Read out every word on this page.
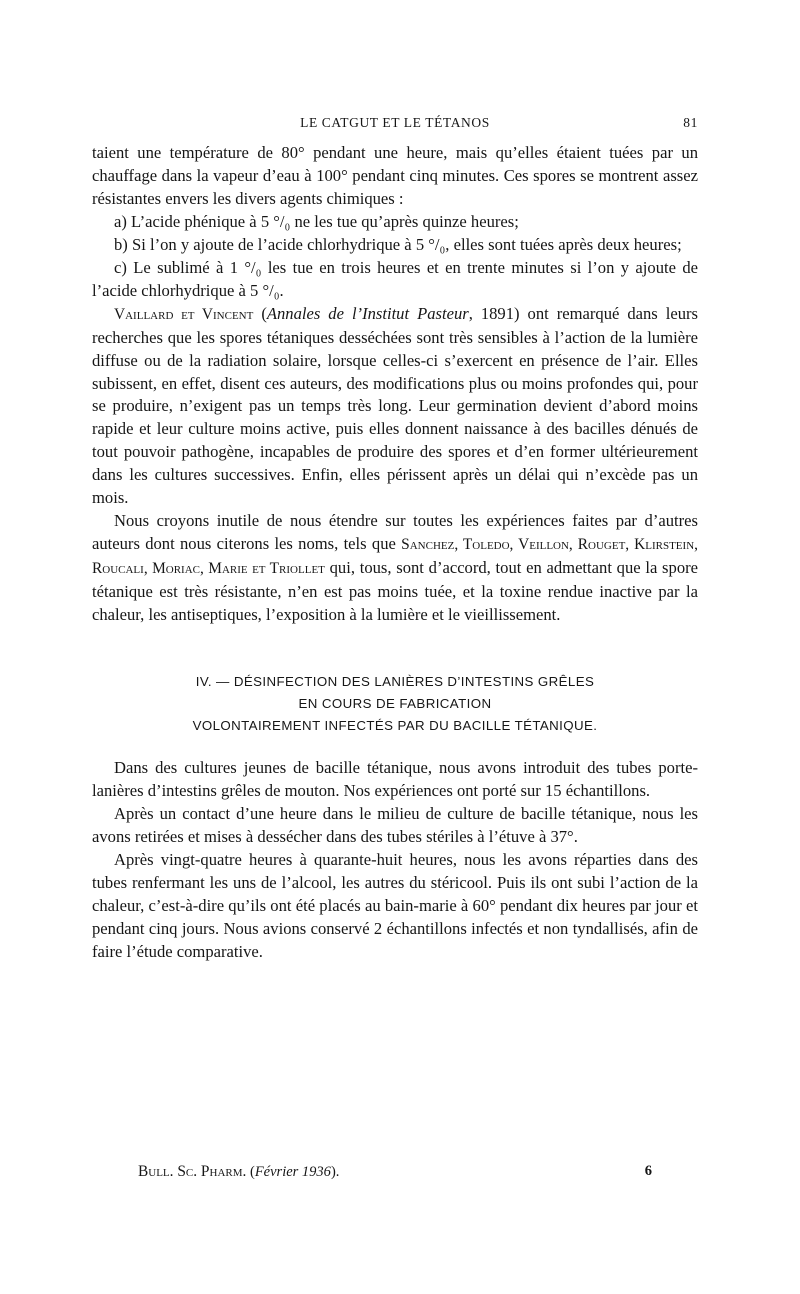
LE CATGUT ET LE TÉTANOS	81

taient une température de 80° pendant une heure, mais qu’elles étaient tuées par un chauffage dans la vapeur d’eau à 100° pendant cinq minutes. Ces spores se montrent assez résistantes envers les divers agents chimiques :

a) L’acide phénique à 5 °/₀ ne les tue qu’après quinze heures;

b) Si l’on y ajoute de l’acide chlorhydrique à 5 °/₀, elles sont tuées après deux heures;

c) Le sublimé à 1 °/₀ les tue en trois heures et en trente minutes si l’on y ajoute de l’acide chlorhydrique à 5 °/₀.

Vaillard et Vincent (Annales de l’Institut Pasteur, 1891) ont remarqué dans leurs recherches que les spores tétaniques desséchées sont très sensibles à l’action de la lumière diffuse ou de la radiation solaire, lorsque celles-ci s’exercent en présence de l’air. Elles subissent, en effet, disent ces auteurs, des modifications plus ou moins profondes qui, pour se produire, n’exigent pas un temps très long. Leur germination devient d’abord moins rapide et leur culture moins active, puis elles donnent naissance à des bacilles dénués de tout pouvoir pathogène, incapables de produire des spores et d’en former ultérieurement dans les cultures successives. Enfin, elles périssent après un délai qui n’excède pas un mois.

Nous croyons inutile de nous étendre sur toutes les expériences faites par d’autres auteurs dont nous citerons les noms, tels que Sanchez, Toledo, Veillon, Rouget, Klirstein, Roucali, Moriac, Marie et Triollet qui, tous, sont d’accord, tout en admettant que la spore tétanique est très résistante, n’en est pas moins tuée, et la toxine rendue inactive par la chaleur, les antiseptiques, l’exposition à la lumière et le vieillissement.

IV. — DÉSINFECTION DES LANIÈRES D’INTESTINS GRÊLES
EN COURS DE FABRICATION
VOLONTAIREMENT INFECTÉS PAR DU BACILLE TÉTANIQUE.

Dans des cultures jeunes de bacille tétanique, nous avons introduit des tubes porte-lanières d’intestins grêles de mouton. Nos expériences ont porté sur 15 échantillons.

Après un contact d’une heure dans le milieu de culture de bacille tétanique, nous les avons retirées et mises à dessécher dans des tubes stériles à l’étuve à 37°.

Après vingt-quatre heures à quarante-huit heures, nous les avons réparties dans des tubes renfermant les uns de l’alcool, les autres du stéricool. Puis ils ont subi l’action de la chaleur, c’est-à-dire qu’ils ont été placés au bain-marie à 60° pendant dix heures par jour et pendant cinq jours. Nous avions conservé 2 échantillons infectés et non tyndallisés, afin de faire l’étude comparative.

Bull. Sc. Pharm. (Février 1936).	6
